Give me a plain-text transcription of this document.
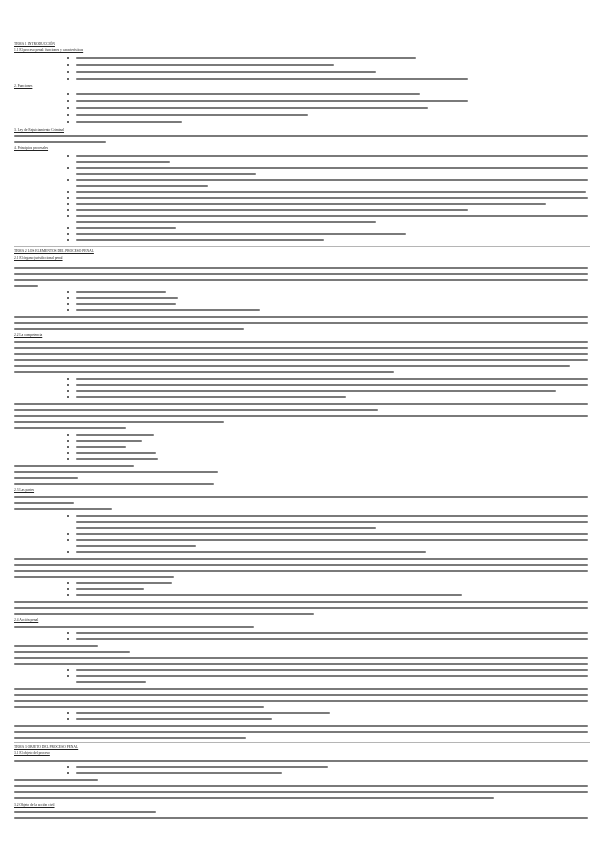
TEMA 1 INTRODUCCIÓN
1.1 El proceso penal: funciones y características
2. Funciones
3. Ley de Enjuiciamiento Criminal
4. Principios procesales
TEMA 2 LOS ELEMENTOS DEL PROCESO PENAL
2.1 El órgano jurisdiccional penal
2.2 La competencia
2.3 Las partes
2.4 Acción penal
TEMA 3 OBJETO DEL PROCESO PENAL
3.1 El objeto del proceso
3.2 Objeto de la acción civil
